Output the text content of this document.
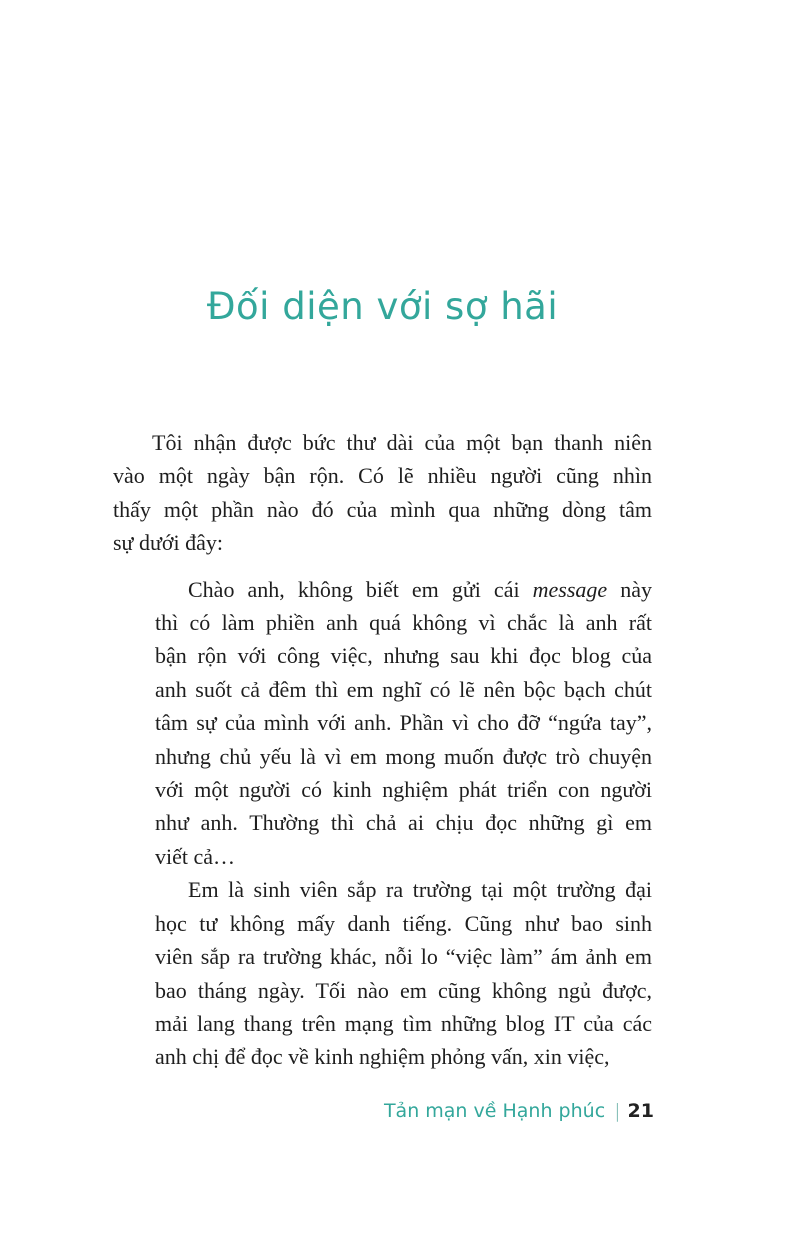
Đối diện với sợ hãi
Tôi nhận được bức thư dài của một bạn thanh niên
vào một ngày bận rộn. Có lẽ nhiều người cũng nhìn
thấy một phần nào đó của mình qua những dòng tâm
sự dưới đây:
Chào anh, không biết em gửi cái message này
thì có làm phiền anh quá không vì chắc là anh rất
bận rộn với công việc, nhưng sau khi đọc blog của
anh suốt cả đêm thì em nghĩ có lẽ nên bộc bạch chút
tâm sự của mình với anh. Phần vì cho đỡ “ngứa tay”,
nhưng chủ yếu là vì em mong muốn được trò chuyện
với một người có kinh nghiệm phát triển con người
như anh. Thường thì chả ai chịu đọc những gì em
viết cả…
Em là sinh viên sắp ra trường tại một trường đại
học tư không mấy danh tiếng. Cũng như bao sinh
viên sắp ra trường khác, nỗi lo “việc làm” ám ảnh em
bao tháng ngày. Tối nào em cũng không ngủ được,
mải lang thang trên mạng tìm những blog IT của các
anh chị để đọc về kinh nghiệm phỏng vấn, xin việc,
Tản mạn về Hạnh phúc | 21
